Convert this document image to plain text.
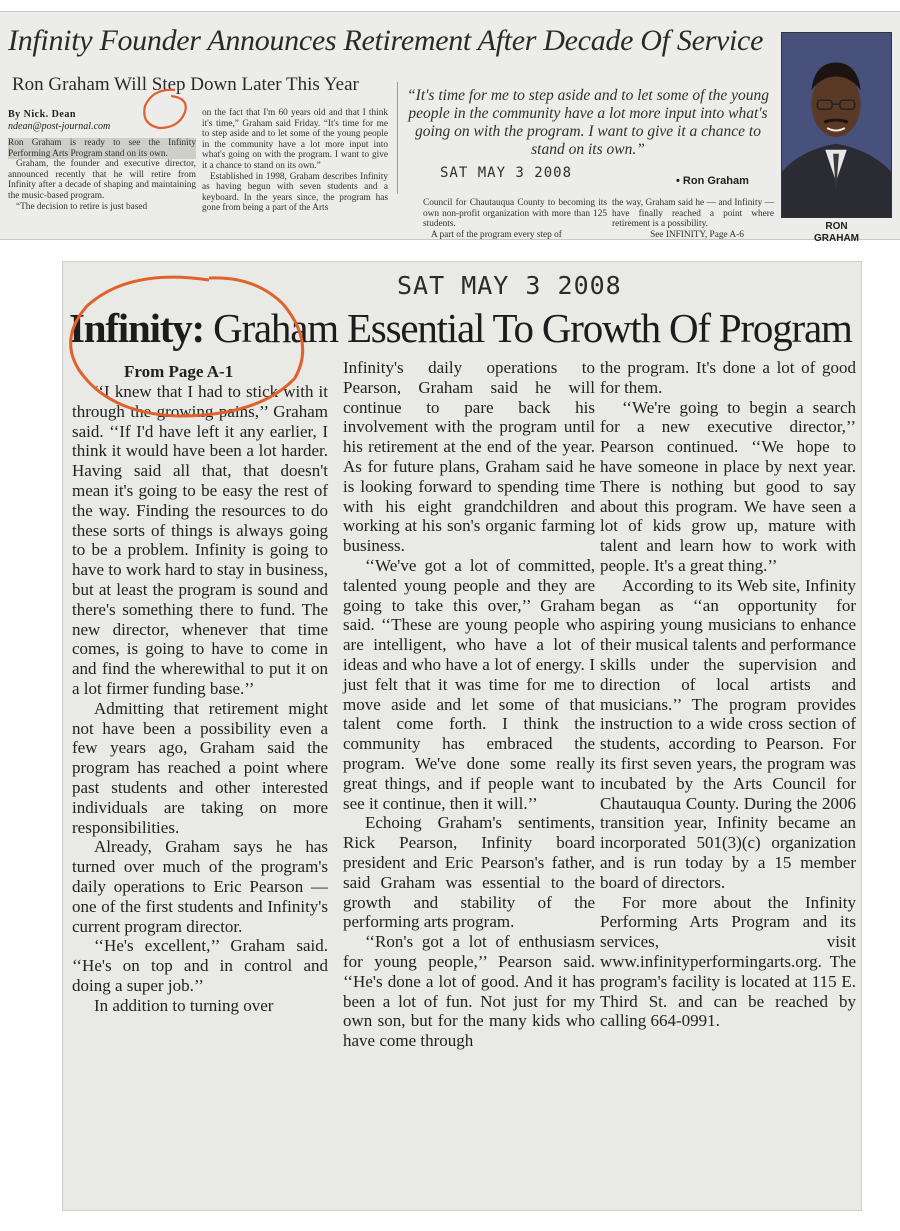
Infinity Founder Announces Retirement After Decade Of Service
Ron Graham Will Step Down Later This Year
By Nick. Dean
ndean@post-journal.com

Ron Graham is ready to see the Infinity Performing Arts Program stand on its own.

Graham, the founder and executive director, announced recently that he will retire from Infinity after a decade of shaping and maintaining the music-based program.

“The decision to retire is just based

on the fact that I'm 60 years old and that I think it's time,” Graham said Friday. “It's time for me to step aside and to let some of the young people in the community have a lot more input into what's going on with the program. I want to give it a chance to stand on its own.”

Established in 1998, Graham describes Infinity as having begun with seven students and a keyboard. In the years since, the program has gone from being a part of the Arts

“It's time for me to step aside and to let some of the young people in the community have a lot more input into what's going on with the program. I want to give it a chance to stand on its own.”
SAT MAY 3 2008	• Ron Graham

Council for Chautauqua County to becoming its own non-profit organization with more than 125 students.

A part of the program every step of

the way, Graham said he — and Infinity — have finally reached a point where retirement is a possibility.

See INFINITY, Page A-6

RON
GRAHAM
SAT MAY 3 2008
Infinity: Graham Essential To Growth Of Program
From Page A-1

‘‘I knew that I had to stick with it through the growing pains,’’ Graham said. ‘‘If I'd have left it any earlier, I think it would have been a lot harder. Having said all that, that doesn't mean it's going to be easy the rest of the way. Finding the resources to do these sorts of things is always going to be a problem. Infinity is going to have to work hard to stay in business, but at least the program is sound and there's something there to fund. The new director, whenever that time comes, is going to have to come in and find the wherewithal to put it on a lot firmer funding base.’’

Admitting that retirement might not have been a possibility even a few years ago, Graham said the program has reached a point where past students and other interested individuals are taking on more responsibilities.

Already, Graham says he has turned over much of the program's daily operations to Eric Pearson — one of the first students and Infinity's current program director.

‘‘He's excellent,’’ Graham said. ‘‘He's on top and in control and doing a super job.’’

In addition to turning over

Infinity's daily operations to Pearson, Graham said he will continue to pare back his involvement with the program until his retirement at the end of the year. As for future plans, Graham said he is looking forward to spending time with his eight grandchildren and working at his son's organic farming business.

‘‘We've got a lot of committed, talented young people and they are going to take this over,’’ Graham said. ‘‘These are young people who are intelligent, who have a lot of ideas and who have a lot of energy. I just felt that it was time for me to move aside and let some of that talent come forth. I think the community has embraced the program. We've done some really great things, and if people want to see it continue, then it will.’’

Echoing Graham's sentiments, Rick Pearson, Infinity board president and Eric Pearson's father, said Graham was essential to the growth and stability of the performing arts program.

‘‘Ron's got a lot of enthusiasm for young people,’’ Pearson said. ‘‘He's done a lot of good. And it has been a lot of fun. Not just for my own son, but for the many kids who have come through

the program. It's done a lot of good for them.

‘‘We're going to begin a search for a new executive director,’’ Pearson continued. ‘‘We hope to have someone in place by next year. There is nothing but good to say about this program. We have seen a lot of kids grow up, mature with talent and learn how to work with people. It's a great thing.’’

According to its Web site, Infinity began as ‘‘an opportunity for aspiring young musicians to enhance their musical talents and performance skills under the supervision and direction of local artists and musicians.’’ The program provides instruction to a wide cross section of students, according to Pearson. For its first seven years, the program was incubated by the Arts Council for Chautauqua County. During the 2006 transition year, Infinity became an incorporated 501(3)(c) organization and is run today by a 15 member board of directors.

For more about the Infinity Performing Arts Program and its services, visit www.infinityperformingarts.org. The program's facility is located at 115 E. Third St. and can be reached by calling 664-0991.
